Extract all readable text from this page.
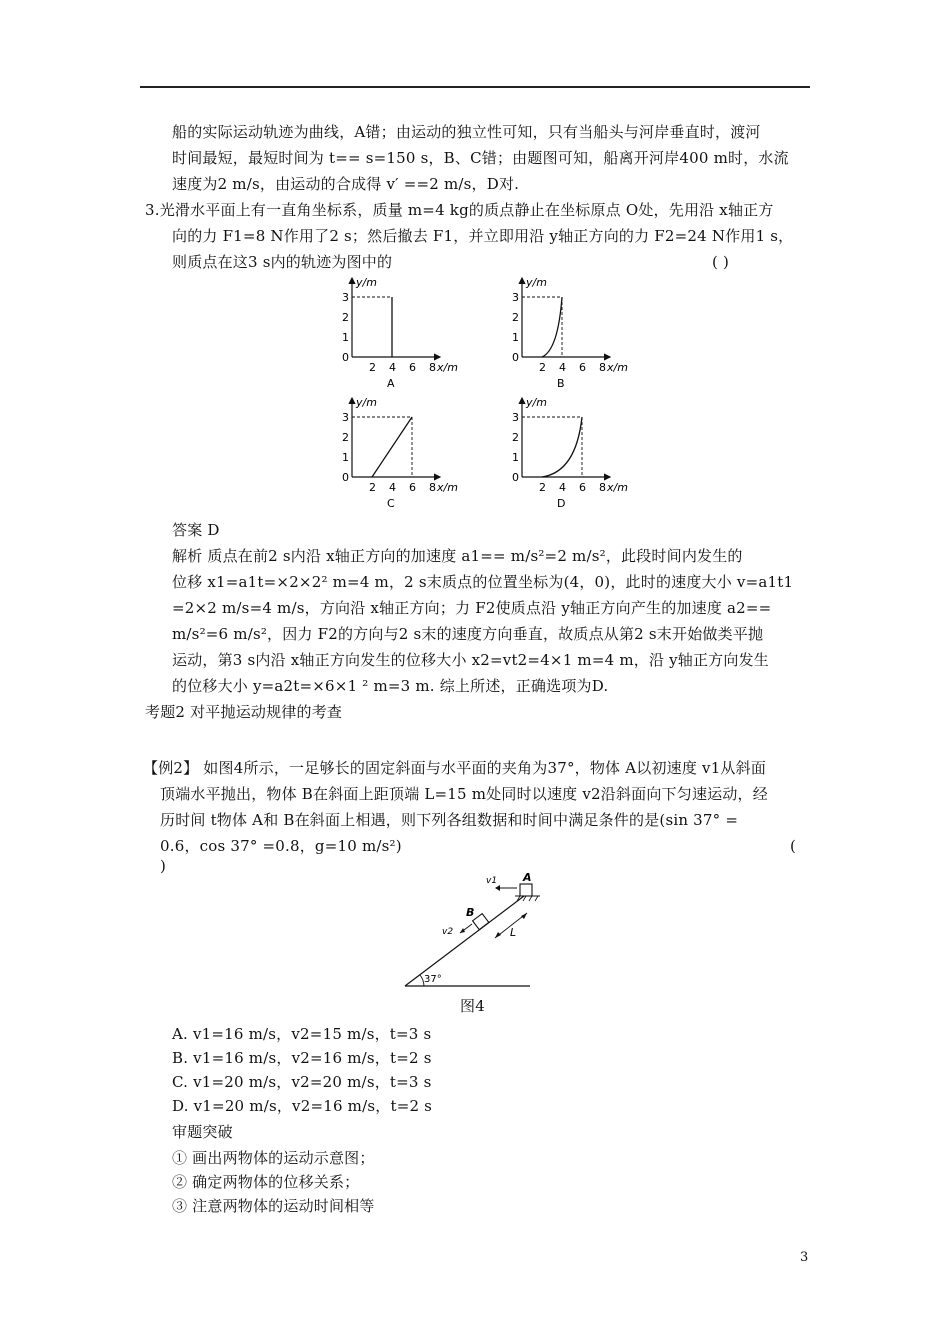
船的实际运动轨迹为曲线，A错；由运动的独立性可知，只有当船头与河岸垂直时，渡河
时间最短，最短时间为 t== s=150 s，B、C错；由题图可知，船离开河岸400 m时，水流
速度为2 m/s，由运动的合成得 v′ ==2 m/s，D对.
3.光滑水平面上有一直角坐标系，质量 m=4 kg的质点静止在坐标原点 O处，先用沿 x轴正方
向的力 F1=8 N作用了2 s；然后撤去 F1，并立即用沿 y轴正方向的力 F2=24 N作用1 s，
则质点在这3 s内的轨迹为图中的	( )
y/m
3
2
1
0
2 4 6 8 x/m
A
y/m
3
2
1
0
2 4 6 8 x/m
B
y/m
3
2
1
0
2 4 6 8 x/m
C
y/m
3
2
1
0
2 4 6 8 x/m
D
答案 D
解析 质点在前2 s内沿 x轴正方向的加速度 a1== m/s²=2 m/s²，此段时间内发生的
位移 x1=a1t=×2×2² m=4 m，2 s末质点的位置坐标为(4，0)，此时的速度大小 v=a1t1
=2×2 m/s=4 m/s，方向沿 x轴正方向；力 F2使质点沿 y轴正方向产生的加速度 a2==
m/s²=6 m/s²，因力 F2的方向与2 s末的速度方向垂直，故质点从第2 s末开始做类平抛
运动，第3 s内沿 x轴正方向发生的位移大小 x2=vt2=4×1 m=4 m，沿 y轴正方向发生
的位移大小 y=a2t=×6×1 ² m=3 m. 综上所述，正确选项为D.
考题2 对平抛运动规律的考查
【例2】 如图4所示，一足够长的固定斜面与水平面的夹角为37°，物体 A以初速度 v1从斜面
顶端水平抛出，物体 B在斜面上距顶端 L=15 m处同时以速度 v2沿斜面向下匀速运动，经
历时间 t物体 A和 B在斜面上相遇，则下列各组数据和时间中满足条件的是(sin 37° =
0.6，cos 37° =0.8，g=10 m/s²)	(
)
A
v1
B
v2	L
37°
图4
A. v1=16 m/s，v2=15 m/s，t=3 s
B. v1=16 m/s，v2=16 m/s，t=2 s
C. v1=20 m/s，v2=20 m/s，t=3 s
D. v1=20 m/s，v2=16 m/s，t=2 s
审题突破
① 画出两物体的运动示意图；
② 确定两物体的位移关系；
③ 注意两物体的运动时间相等
3
